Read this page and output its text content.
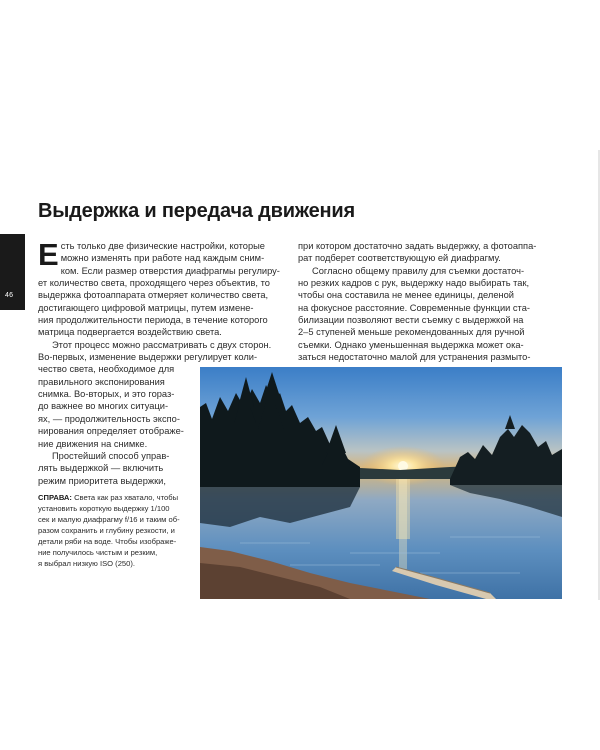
46
Выдержка и передача движения
Е сть только две физические настройки, которые
можно изменять при работе над каждым сним-
ком. Если размер отверстия диафрагмы регулиру-
ет количество света, проходящего через объектив, то
выдержка фотоаппарата отмеряет количество света,
достигающего цифровой матрицы, путем измене-
ния продолжительности периода, в течение которого
матрица подвергается воздействию света.
Этот процесс можно рассматривать с двух сторон.
Во-первых, изменение выдержки регулирует коли-
чество света, необходимое для
правильного экспонирования
снимка. Во-вторых, и это гораз-
до важнее во многих ситуаци-
ях, — продолжительность экспо-
нирования определяет отображе-
ние движения на снимке.
Простейший способ управ-
лять выдержкой — включить
режим приоритета выдержки,
при котором достаточно задать выдержку, а фотоаппа-
рат подберет соответствующую ей диафрагму.
Согласно общему правилу для съемки достаточ-
но резких кадров с рук, выдержку надо выбирать так,
чтобы она составила не менее единицы, деленой
на фокусное расстояние. Современные функции ста-
билизации позволяют вести съемку с выдержкой на
2–5 ступеней меньше рекомендованных для ручной
съемки. Однако уменьшенная выдержка может ока-
заться недостаточно малой для устранения размыто-
СПРАВА: Света как раз хватало, чтобы
установить короткую выдержку 1/100
сек и малую диафрагму f/16 и таким об-
разом сохранить и глубину резкости, и
детали ряби на воде. Чтобы изображе-
ние получилось чистым и резким,
я выбрал низкую ISO (250).
